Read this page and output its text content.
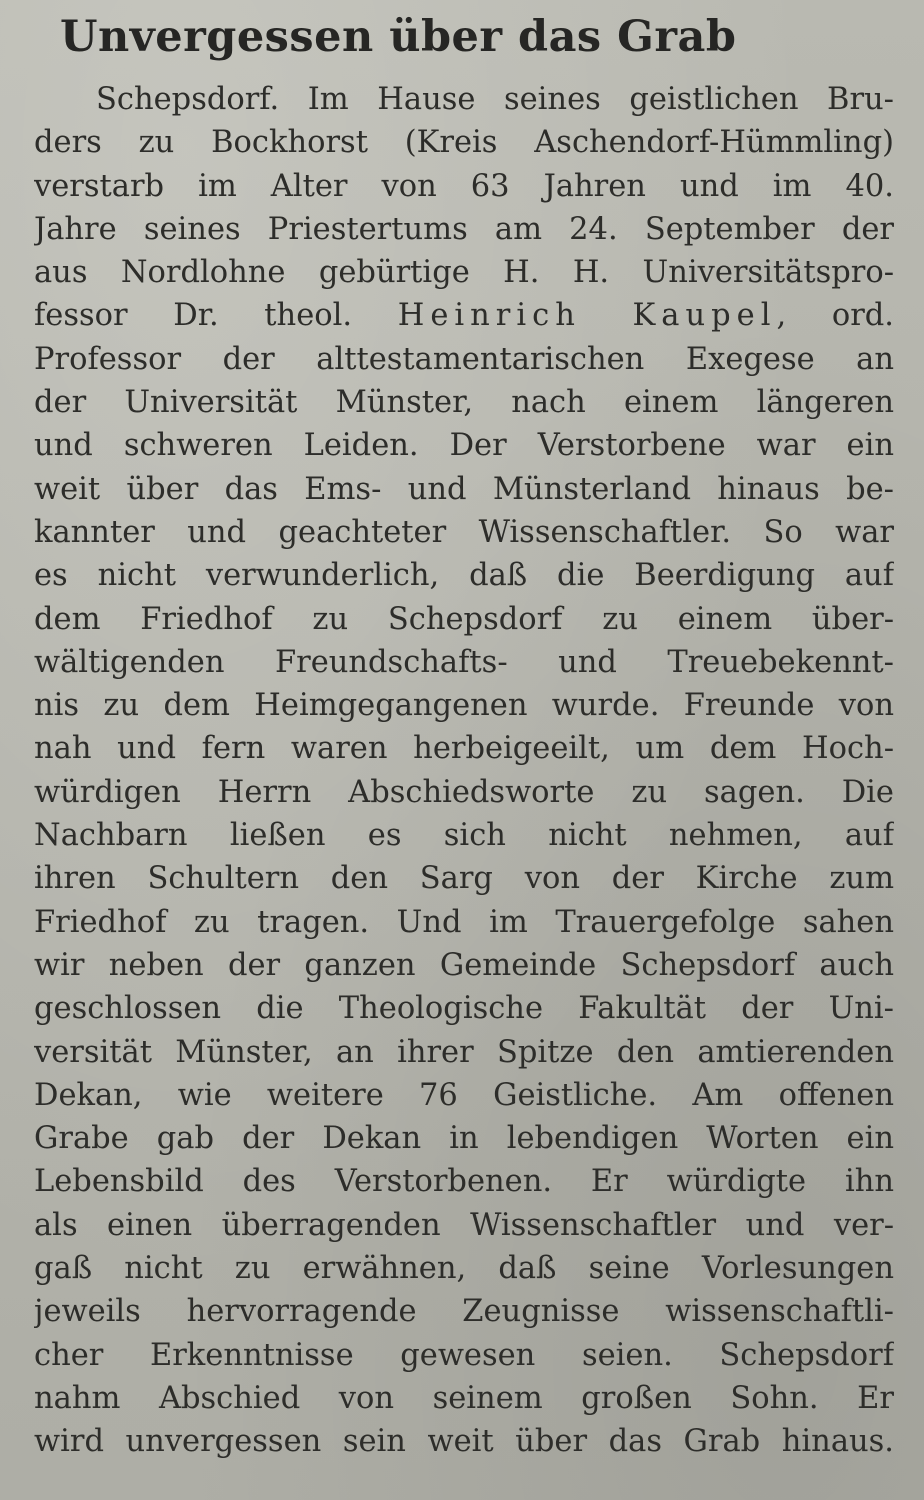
Unvergessen über das Grab
Schepsdorf. Im Hause seines geistlichen Bru-
ders zu Bockhorst (Kreis Aschendorf-Hümmling)
verstarb im Alter von 63 Jahren und im 40.
Jahre seines Priestertums am 24. September der
aus Nordlohne gebürtige H. H. Universitätspro-
fessor Dr. theol. Heinrich Kaupel, ord.
Professor der alttestamentarischen Exegese an
der Universität Münster, nach einem längeren
und schweren Leiden. Der Verstorbene war ein
weit über das Ems- und Münsterland hinaus be-
kannter und geachteter Wissenschaftler. So war
es nicht verwunderlich, daß die Beerdigung auf
dem Friedhof zu Schepsdorf zu einem über-
wältigenden Freundschafts- und Treuebekennt-
nis zu dem Heimgegangenen wurde. Freunde von
nah und fern waren herbeigeeilt, um dem Hoch-
würdigen Herrn Abschiedsworte zu sagen. Die
Nachbarn ließen es sich nicht nehmen, auf
ihren Schultern den Sarg von der Kirche zum
Friedhof zu tragen. Und im Trauergefolge sahen
wir neben der ganzen Gemeinde Schepsdorf auch
geschlossen die Theologische Fakultät der Uni-
versität Münster, an ihrer Spitze den amtierenden
Dekan, wie weitere 76 Geistliche. Am offenen
Grabe gab der Dekan in lebendigen Worten ein
Lebensbild des Verstorbenen. Er würdigte ihn
als einen überragenden Wissenschaftler und ver-
gaß nicht zu erwähnen, daß seine Vorlesungen
jeweils hervorragende Zeugnisse wissenschaftli-
cher Erkenntnisse gewesen seien. Schepsdorf
nahm Abschied von seinem großen Sohn. Er
wird unvergessen sein weit über das Grab hinaus.
